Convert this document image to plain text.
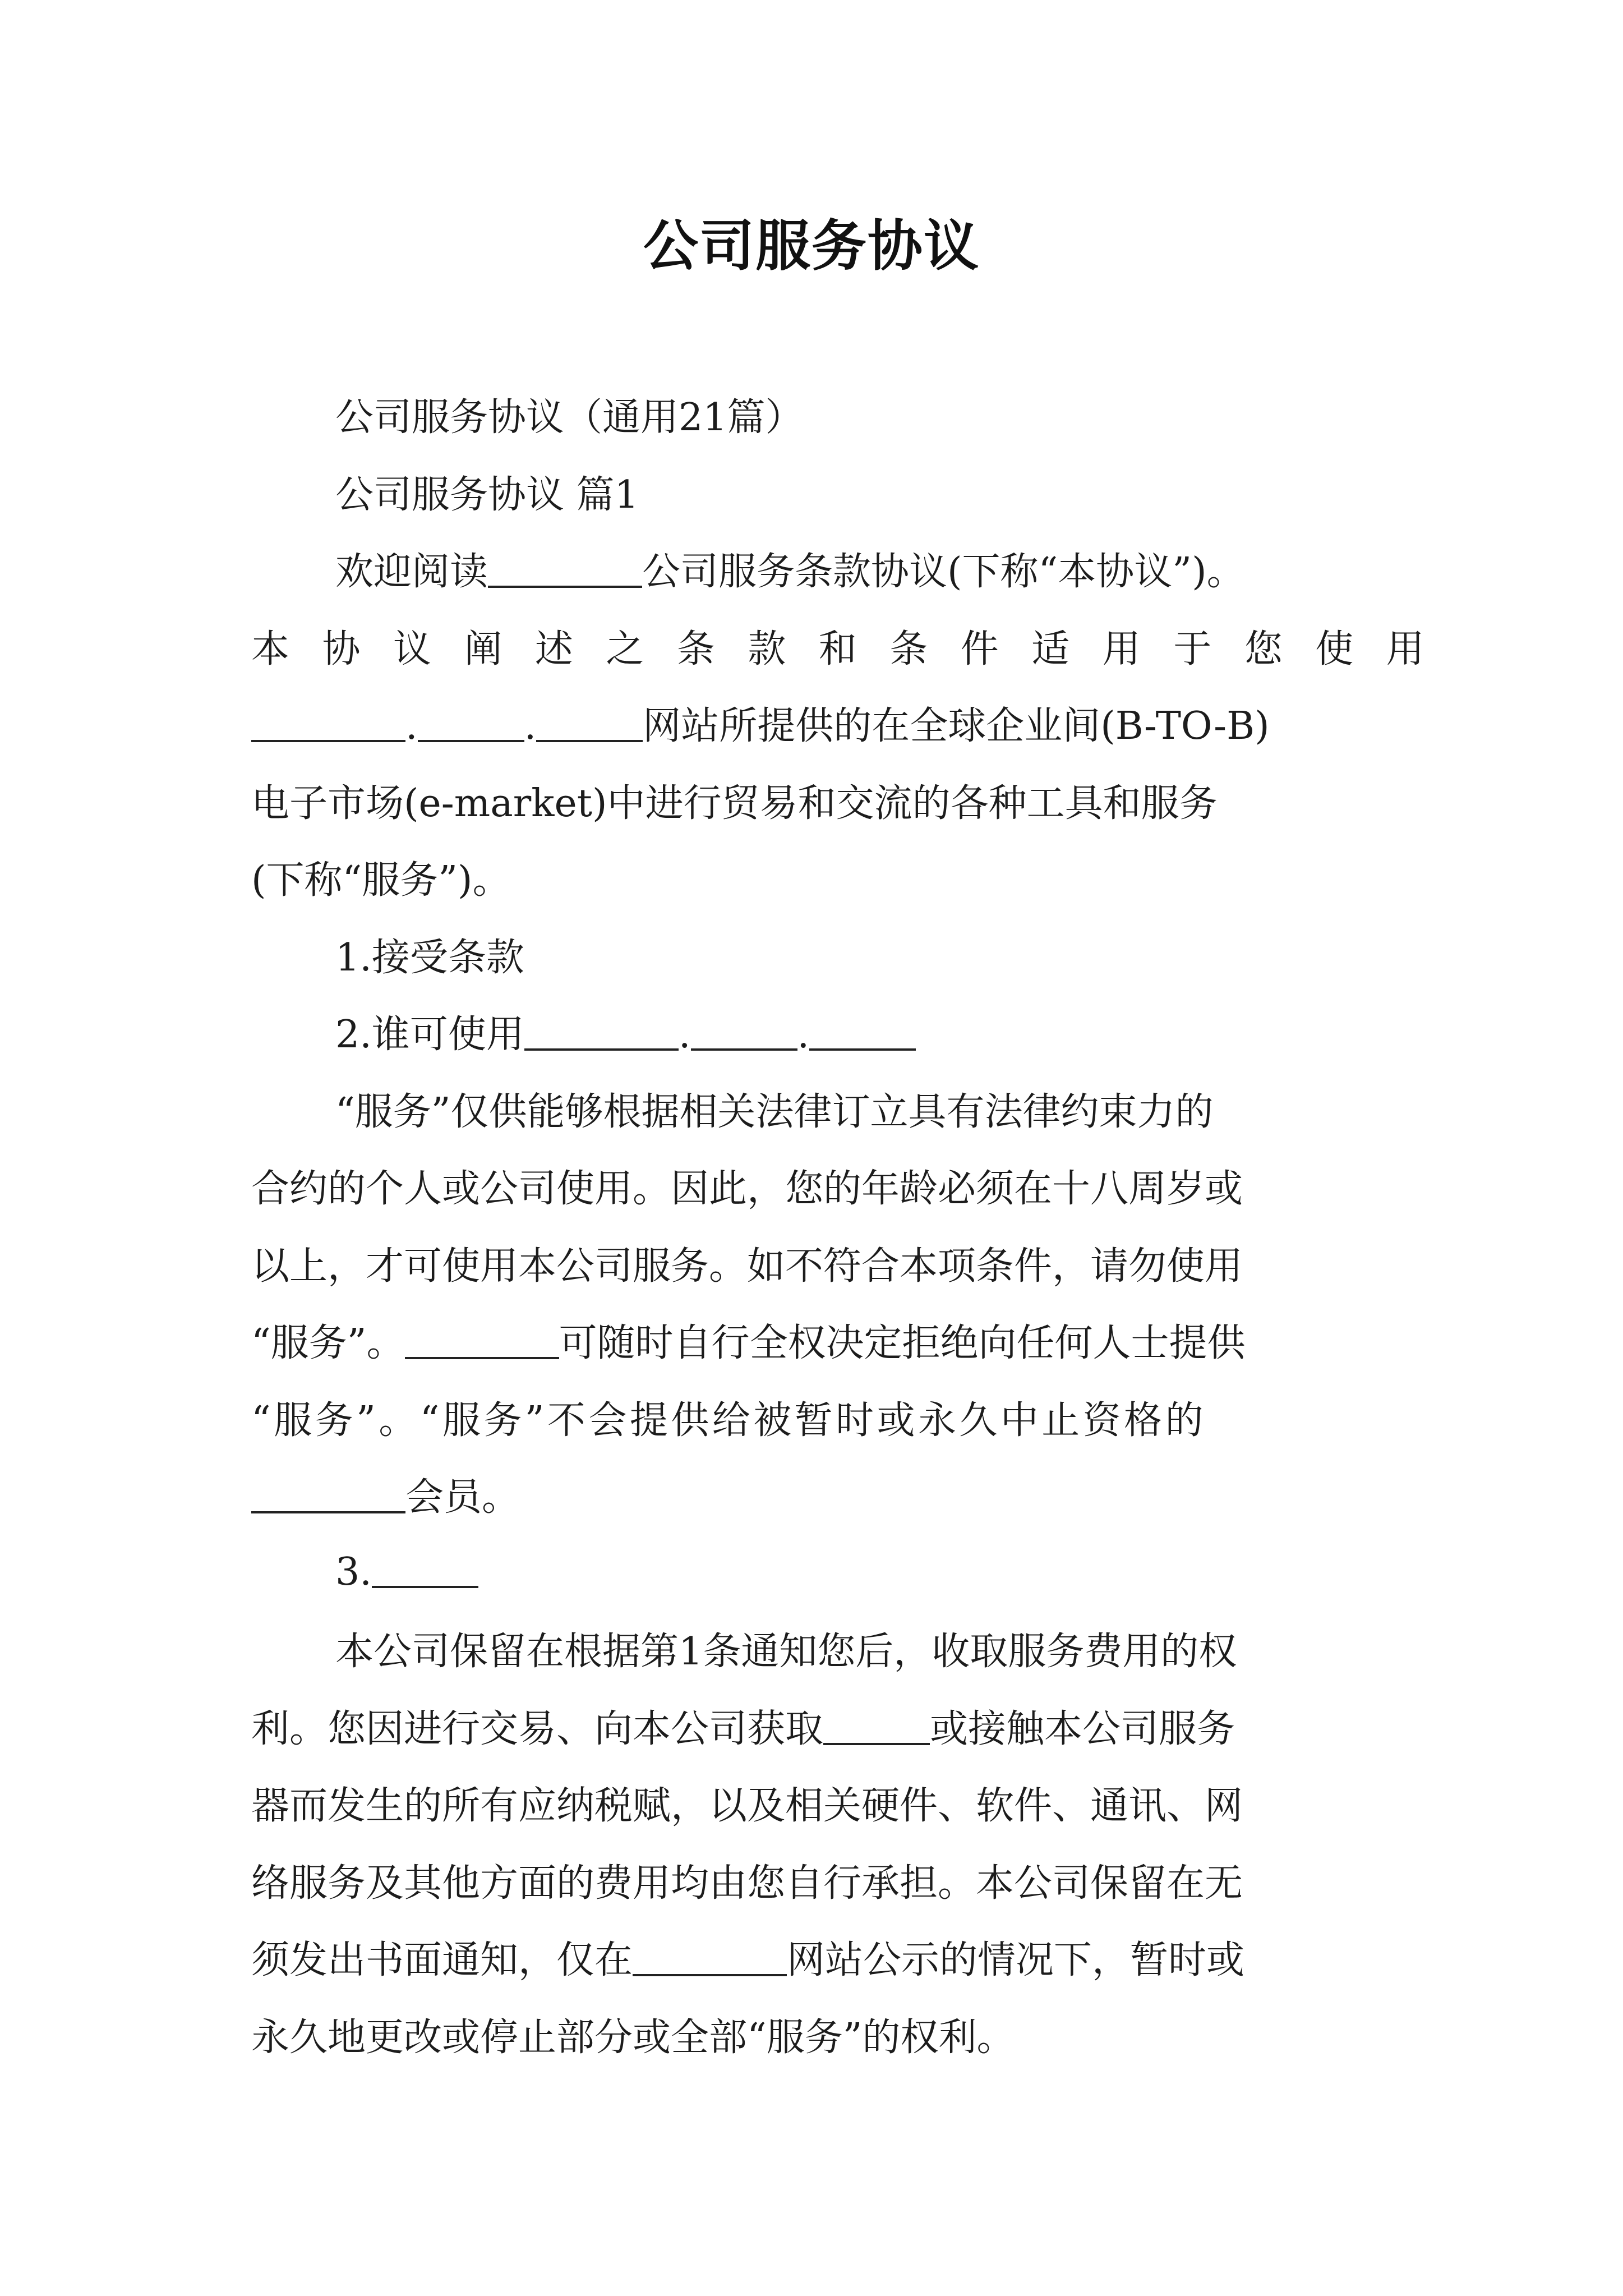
公司服务协议
公司服务协议（通用21篇）
公司服务协议 篇1
欢迎阅读	公司服务条款协议(下称“本协议”)。
本协议阐述之条款和条件适用于您使用
.	.	网站所提供的在全球企业间(B-TO-B)
电子市场(e-market)中进行贸易和交流的各种工具和服务
(下称“服务”)。
1.接受条款
2.谁可使用	.	.
“服务”仅供能够根据相关法律订立具有法律约束力的
合约的个人或公司使用。因此，您的年龄必须在十八周岁或
以上，才可使用本公司服务。如不符合本项条件，请勿使用
“服务”。	可随时自行全权决定拒绝向任何人士提供
“服务”。“服务”不会提供给被暂时或永久中止资格的
会员。
3.
本公司保留在根据第1条通知您后，收取服务费用的权
利。您因进行交易、向本公司获取	或接触本公司服务
器而发生的所有应纳税赋，以及相关硬件、软件、通讯、网
络服务及其他方面的费用均由您自行承担。本公司保留在无
须发出书面通知，仅在	网站公示的情况下，暂时或
永久地更改或停止部分或全部“服务”的权利。
